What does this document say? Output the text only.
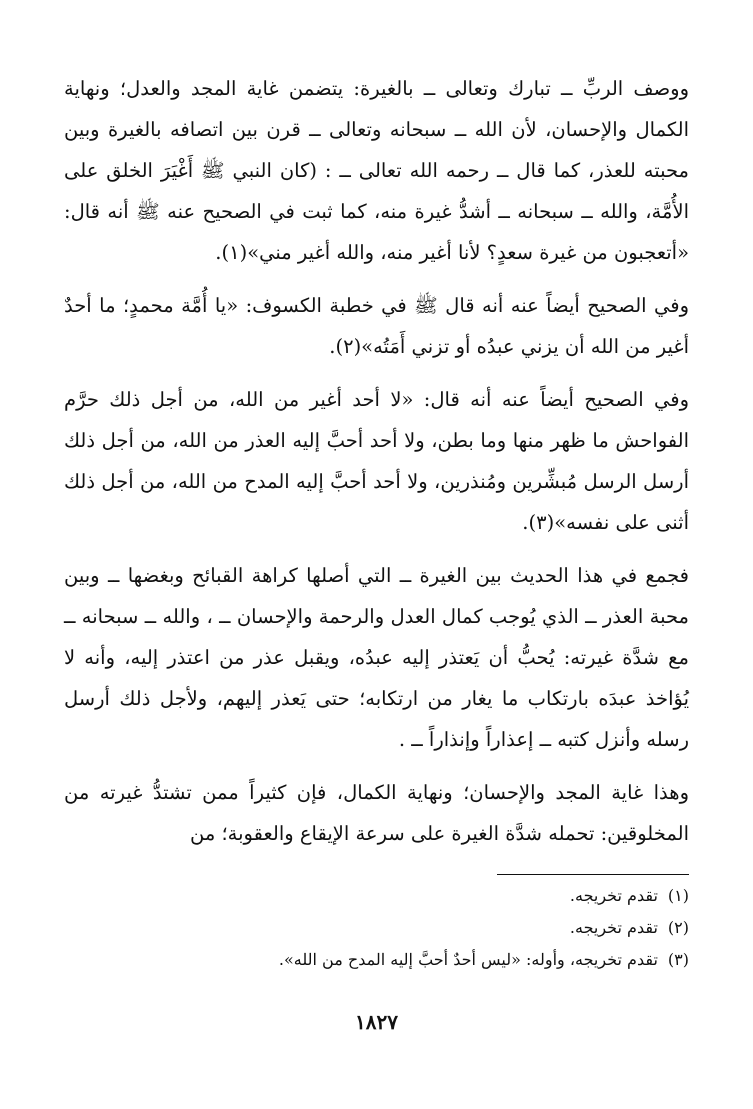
ووصف الربِّ ــ تبارك وتعالى ــ بالغيرة: يتضمن غاية المجد والعدل؛ ونهاية الكمال والإحسان، لأن الله ــ سبحانه وتعالى ــ قرن بين اتصافه بالغيرة وبين محبته للعذر، كما قال ــ رحمه الله تعالى ــ : (كان النبي ﷺ أَغْيَرَ الخلق على الأُمَّة، والله ــ سبحانه ــ أشدُّ غيرة منه، كما ثبت في الصحيح عنه ﷺ أنه قال: «أتعجبون من غيرة سعدٍ؟ لأنا أغير منه، والله أغير مني»(١).

وفي الصحيح أيضاً عنه أنه قال ﷺ في خطبة الكسوف: «يا أُمَّة محمدٍ؛ ما أحدٌ أغير من الله أن يزني عبدُه أو تزني أَمَتُه»(٢).

وفي الصحيح أيضاً عنه أنه قال: «لا أحد أغير من الله، من أجل ذلك حرَّم الفواحش ما ظهر منها وما بطن، ولا أحد أحبَّ إليه العذر من الله، من أجل ذلك أرسل الرسل مُبشِّرين ومُنذرين، ولا أحد أحبَّ إليه المدح من الله، من أجل ذلك أثنى على نفسه»(٣).

فجمع في هذا الحديث بين الغيرة ــ التي أصلها كراهة القبائح وبغضها ــ وبين محبة العذر ــ الذي يُوجب كمال العدل والرحمة والإحسان ــ ، والله ــ سبحانه ــ مع شدَّة غيرته: يُحبُّ أن يَعتذر إليه عبدُه، ويقبل عذر من اعتذر إليه، وأنه لا يُؤاخذ عبدَه بارتكاب ما يغار من ارتكابه؛ حتى يَعذر إليهم، ولأجل ذلك أرسل رسله وأنزل كتبه ــ إعذاراً وإنذاراً ــ .

وهذا غاية المجد والإحسان؛ ونهاية الكمال، فإن كثيراً ممن تشتدُّ غيرته من المخلوقين: تحمله شدَّة الغيرة على سرعة الإيقاع والعقوبة؛ من

(١)تقدم تخريجه.

(٢)تقدم تخريجه.

(٣)تقدم تخريجه، وأوله: «ليس أحدٌ أحبَّ إليه المدح من الله».

١٨٢٧
